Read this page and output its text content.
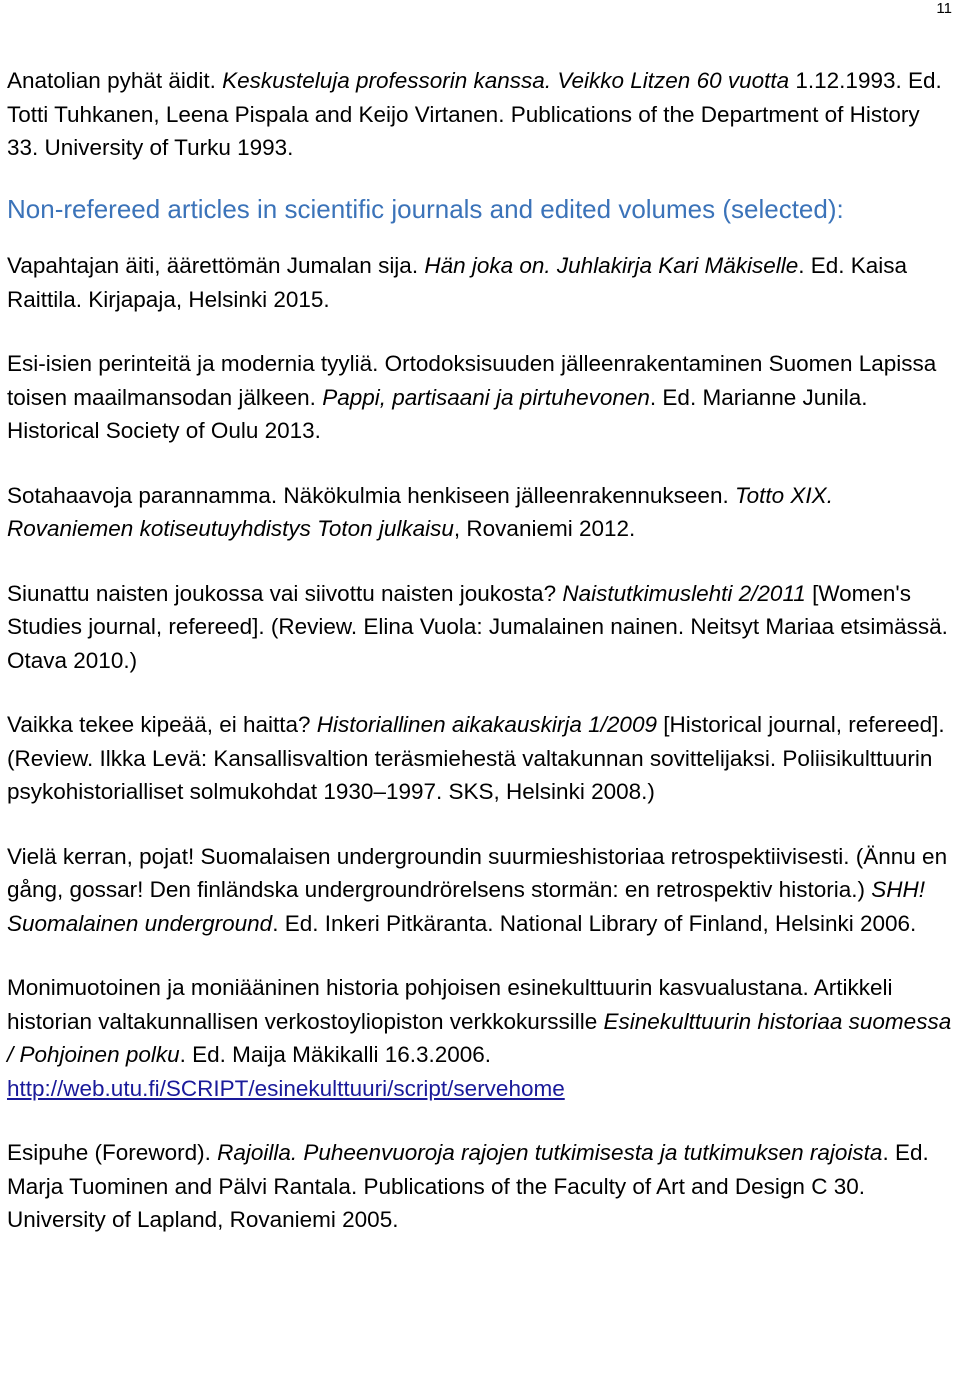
11

Anatolian pyhät äidit. Keskusteluja professorin kanssa. Veikko Litzen 60 vuotta 1.12.1993. Ed. Totti Tuhkanen, Leena Pispala and Keijo Virtanen. Publications of the Department of History 33. University of Turku 1993.

Non-refereed articles in scientific journals and edited volumes (selected):

Vapahtajan äiti, äärettömän Jumalan sija. Hän joka on. Juhlakirja Kari Mäkiselle. Ed. Kaisa Raittila. Kirjapaja, Helsinki 2015.

Esi-isien perinteitä ja modernia tyyliä. Ortodoksisuuden jälleenrakentaminen Suomen Lapissa toisen maailmansodan jälkeen. Pappi, partisaani ja pirtuhevonen. Ed. Marianne Junila. Historical Society of Oulu 2013.

Sotahaavoja parannamma. Näkökulmia henkiseen jälleenrakennukseen. Totto XIX. Rovaniemen kotiseutuyhdistys Toton julkaisu, Rovaniemi 2012.

Siunattu naisten joukossa vai siivottu naisten joukosta? Naistutkimuslehti 2/2011 [Women's Studies journal, refereed]. (Review. Elina Vuola: Jumalainen nainen. Neitsyt Mariaa etsimässä. Otava 2010.)

Vaikka tekee kipeää, ei haitta? Historiallinen aikakauskirja 1/2009 [Historical journal, refereed]. (Review. Ilkka Levä: Kansallisvaltion teräsmiehestä valtakunnan sovittelijaksi. Poliisikulttuurin psykohistorialliset solmukohdat 1930–1997. SKS, Helsinki 2008.)

Vielä kerran, pojat! Suomalaisen undergroundin suurmieshistoriaa retrospektiivisesti. (Ännu en gång, gossar! Den finländska undergroundrörelsens stormän: en retrospektiv historia.) SHH! Suomalainen underground. Ed. Inkeri Pitkäranta. National Library of Finland, Helsinki 2006.

Monimuotoinen ja moniääninen historia pohjoisen esinekulttuurin kasvualustana. Artikkeli historian valtakunnallisen verkostoyliopiston verkkokurssille Esinekulttuurin historiaa suomessa / Pohjoinen polku. Ed. Maija Mäkikalli 16.3.2006. http://web.utu.fi/SCRIPT/esinekulttuuri/script/servehome

Esipuhe (Foreword). Rajoilla. Puheenvuoroja rajojen tutkimisesta ja tutkimuksen rajoista. Ed. Marja Tuominen and Pälvi Rantala. Publications of the Faculty of Art and Design C 30. University of Lapland, Rovaniemi 2005.
